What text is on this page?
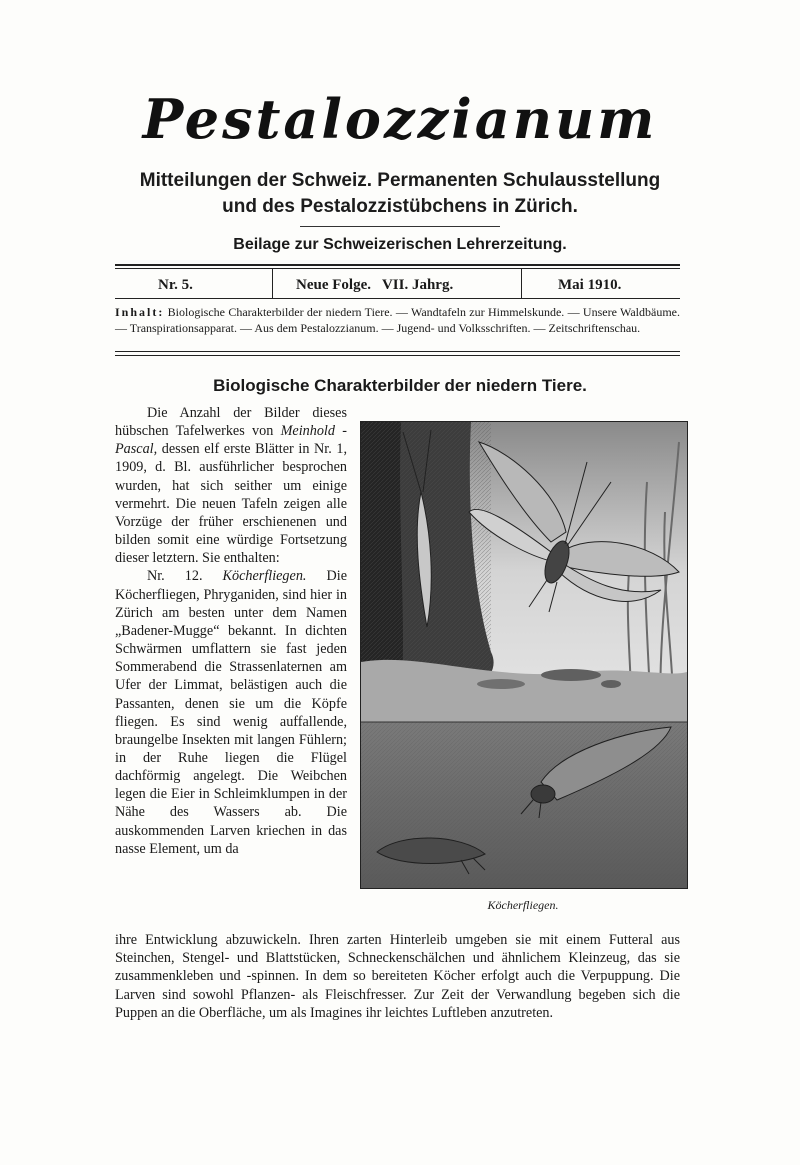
Pestalozzianum
Mitteilungen der Schweiz. Permanenten Schulausstellung
und des Pestalozzistübchens in Zürich.
Beilage zur Schweizerischen Lehrerzeitung.
Nr. 5.	Neue Folge.   VII. Jahrg.	Mai 1910.
Inhalt: Biologische Charakterbilder der niedern Tiere. — Wandtafeln zur Himmelskunde. — Unsere Waldbäume. — Transpirationsapparat. — Aus dem Pestalozzianum. — Jugend- und Volksschriften. — Zeitschriftenschau.
Biologische Charakterbilder der niedern Tiere.

Die Anzahl der Bilder dieses hübschen Tafelwerkes von Meinhold - Pascal, dessen elf erste Blätter in Nr. 1, 1909, d. Bl. ausführlicher besprochen wurden, hat sich seither um einige vermehrt. Die neuen Tafeln zeigen alle Vorzüge der früher erschienenen und bilden somit eine würdige Fortsetzung dieser letztern. Sie enthalten:

Nr. 12. Köcherfliegen. Die Köcherfliegen, Phryganiden, sind hier in Zürich am besten unter dem Namen „Badener-Mugge“ bekannt. In dichten Schwärmen umflattern sie fast jeden Sommerabend die Strassenlaternen am Ufer der Limmat, belästigen auch die Passanten, denen sie um die Köpfe fliegen. Es sind wenig auffallende, braungelbe Insekten mit langen Fühlern; in der Ruhe liegen die Flügel dachförmig angelegt. Die Weibchen legen die Eier in Schleimklumpen in der Nähe des Wassers ab. Die auskommenden Larven kriechen in das nasse Element, um da

Köcherfliegen.

ihre Entwicklung abzuwickeln. Ihren zarten Hinterleib umgeben sie mit einem Futteral aus Steinchen, Stengel- und Blattstücken, Schneckenschälchen und ähnlichem Kleinzeug, das sie zusammenkleben und -spinnen. In dem so bereiteten Köcher erfolgt auch die Verpuppung. Die Larven sind sowohl Pflanzen- als Fleischfresser. Zur Zeit der Verwandlung begeben sich die Puppen an die Oberfläche, um als Imagines ihr leichtes Luftleben anzutreten.
